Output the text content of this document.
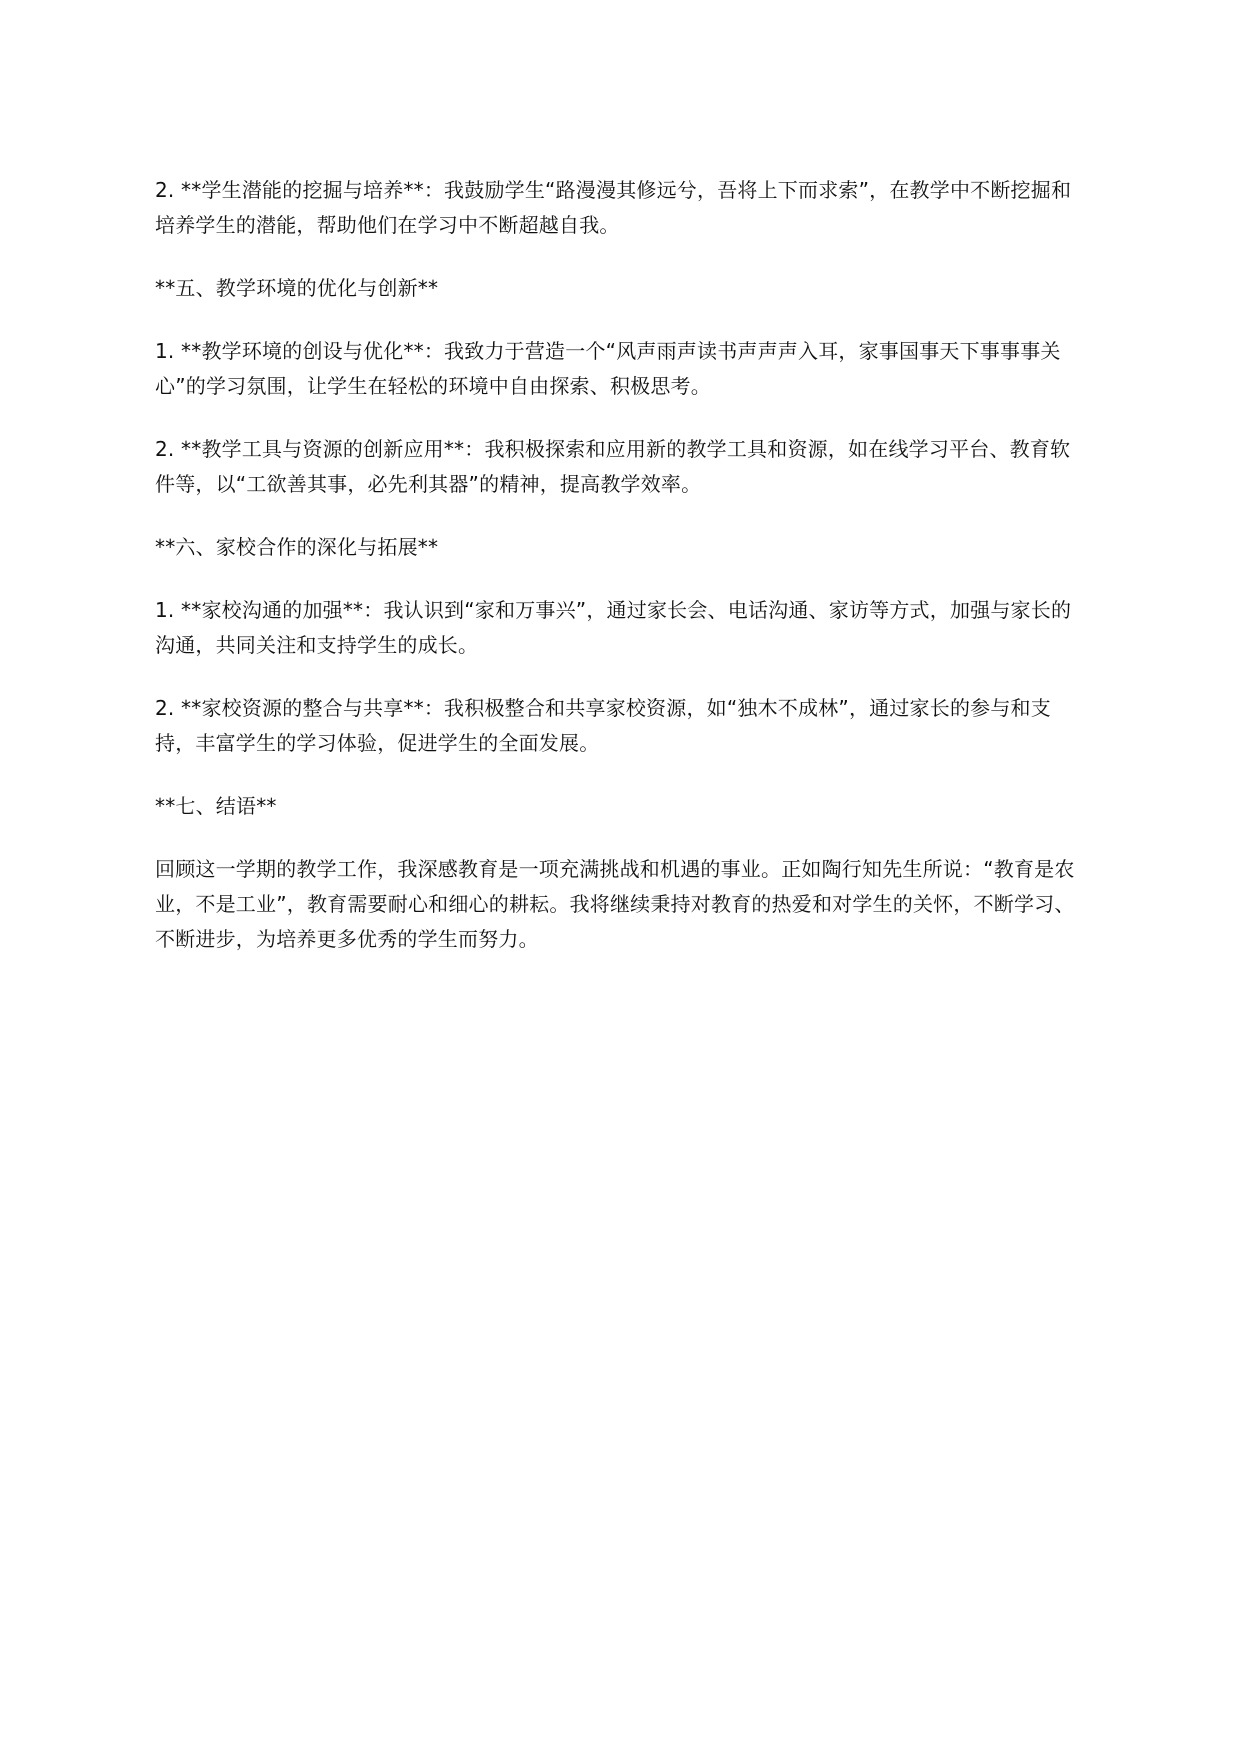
2. **学生潜能的挖掘与培养**：我鼓励学生“路漫漫其修远兮，吾将上下而求索”，在教学中不断挖掘和培养学生的潜能，帮助他们在学习中不断超越自我。

**五、教学环境的优化与创新**

1. **教学环境的创设与优化**：我致力于营造一个“风声雨声读书声声声入耳，家事国事天下事事事关心”的学习氛围，让学生在轻松的环境中自由探索、积极思考。

2. **教学工具与资源的创新应用**：我积极探索和应用新的教学工具和资源，如在线学习平台、教育软件等，以“工欲善其事，必先利其器”的精神，提高教学效率。

**六、家校合作的深化与拓展**

1. **家校沟通的加强**：我认识到“家和万事兴”，通过家长会、电话沟通、家访等方式，加强与家长的沟通，共同关注和支持学生的成长。

2. **家校资源的整合与共享**：我积极整合和共享家校资源，如“独木不成林”，通过家长的参与和支持，丰富学生的学习体验，促进学生的全面发展。

**七、结语**

回顾这一学期的教学工作，我深感教育是一项充满挑战和机遇的事业。正如陶行知先生所说：“教育是农业，不是工业”，教育需要耐心和细心的耕耘。我将继续秉持对教育的热爱和对学生的关怀，不断学习、不断进步，为培养更多优秀的学生而努力。
